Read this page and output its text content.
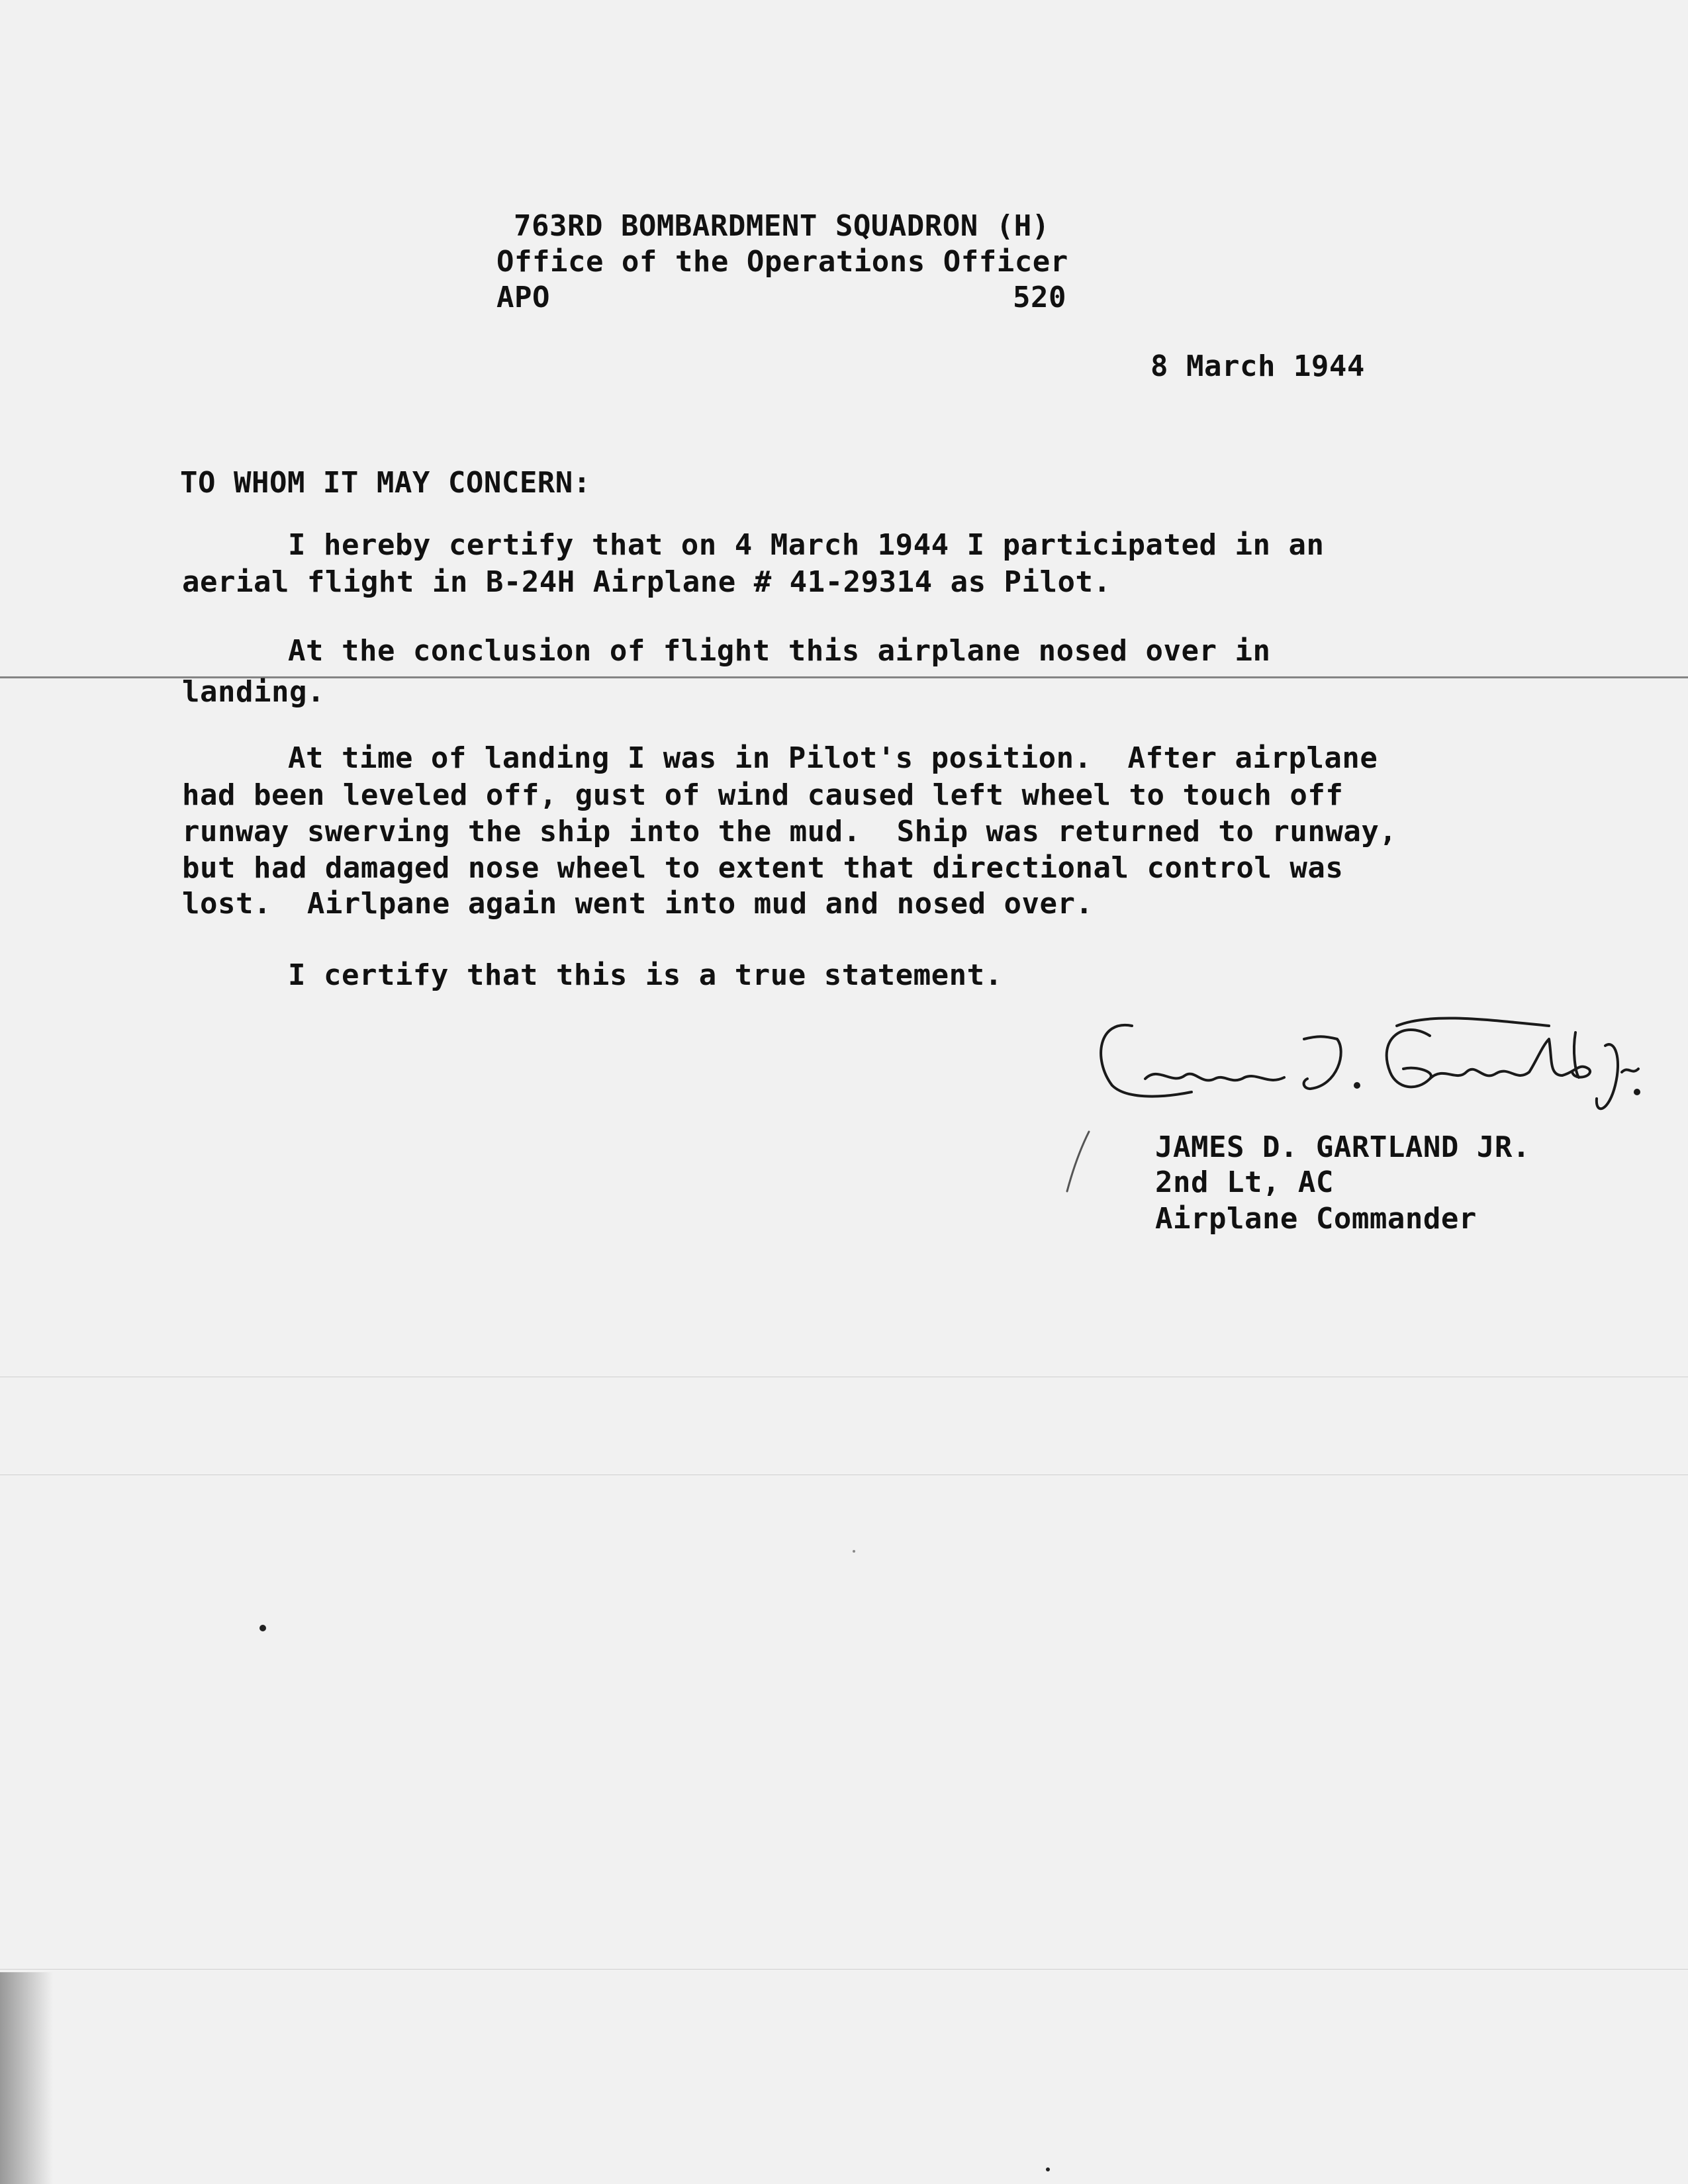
763RD BOMBARDMENT SQUADRON (H)
Office of the Operations Officer
APO	520
8 March 1944
TO WHOM IT MAY CONCERN:
I hereby certify that on 4 March 1944 I participated in an
aerial flight in B-24H Airplane # 41-29314 as Pilot.
At the conclusion of flight this airplane nosed over in
landing.
At time of landing I was in Pilot's position.  After airplane
had been leveled off, gust of wind caused left wheel to touch off
runway swerving the ship into the mud.  Ship was returned to runway,
but had damaged nose wheel to extent that directional control was
lost.  Airlpane again went into mud and nosed over.
I certify that this is a true statement.
JAMES D. GARTLAND JR.
2nd Lt, AC
Airplane Commander
